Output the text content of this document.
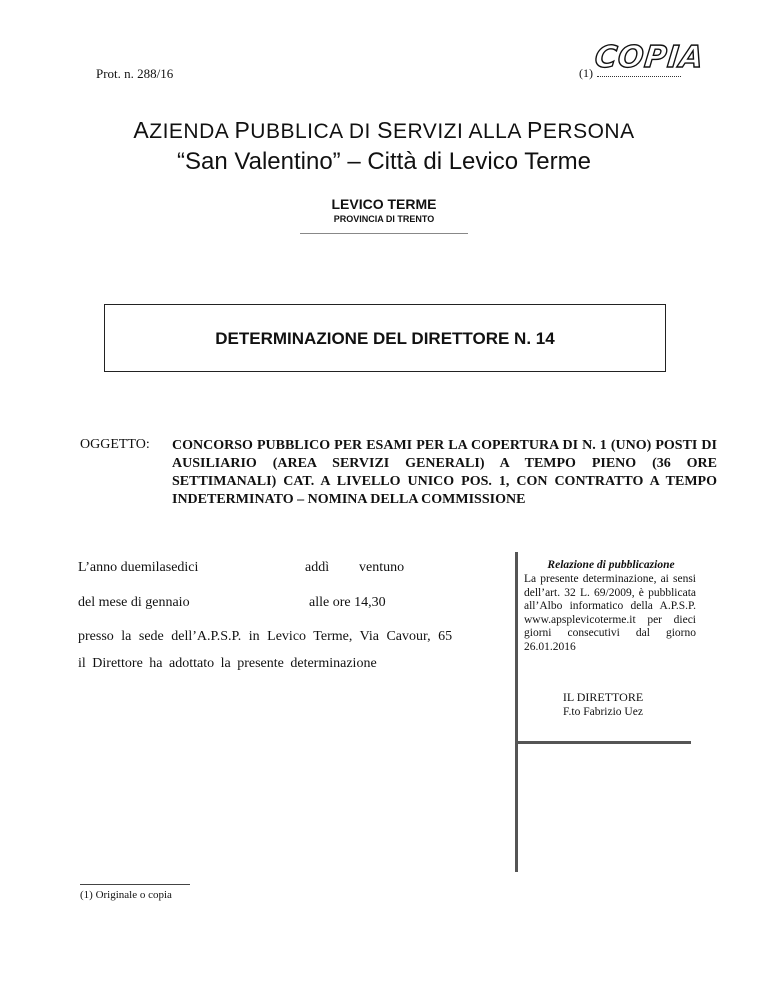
Prot. n. 288/16	(1) COPIA
AZIENDA PUBBLICA DI SERVIZI ALLA PERSONA
“San Valentino” – Città di Levico Terme
LEVICO TERME
PROVINCIA DI TRENTO
DETERMINAZIONE DEL DIRETTORE N. 14
OGGETTO: CONCORSO PUBBLICO PER ESAMI PER LA COPERTURA DI N. 1 (UNO) POSTI DI AUSILIARIO (AREA SERVIZI GENERALI) A TEMPO PIENO (36 ORE SETTIMANALI) CAT. A LIVELLO UNICO POS. 1, CON CONTRATTO A TEMPO INDETERMINATO – NOMINA DELLA COMMISSIONE
L’anno duemilasedici	addì ventuno
del mese di gennaio	alle ore 14,30
presso la sede dell’A.P.S.P. in Levico Terme, Via Cavour, 65
il Direttore ha adottato la presente determinazione
Relazione di pubblicazione
La presente determinazione, ai sensi dell’art. 32 L. 69/2009, è pubblicata all’Albo informatico della A.P.S.P. www.apsplevicoterme.it per dieci giorni consecutivi dal giorno 26.01.2016
IL DIRETTORE
F.to Fabrizio Uez
(1) Originale o copia
